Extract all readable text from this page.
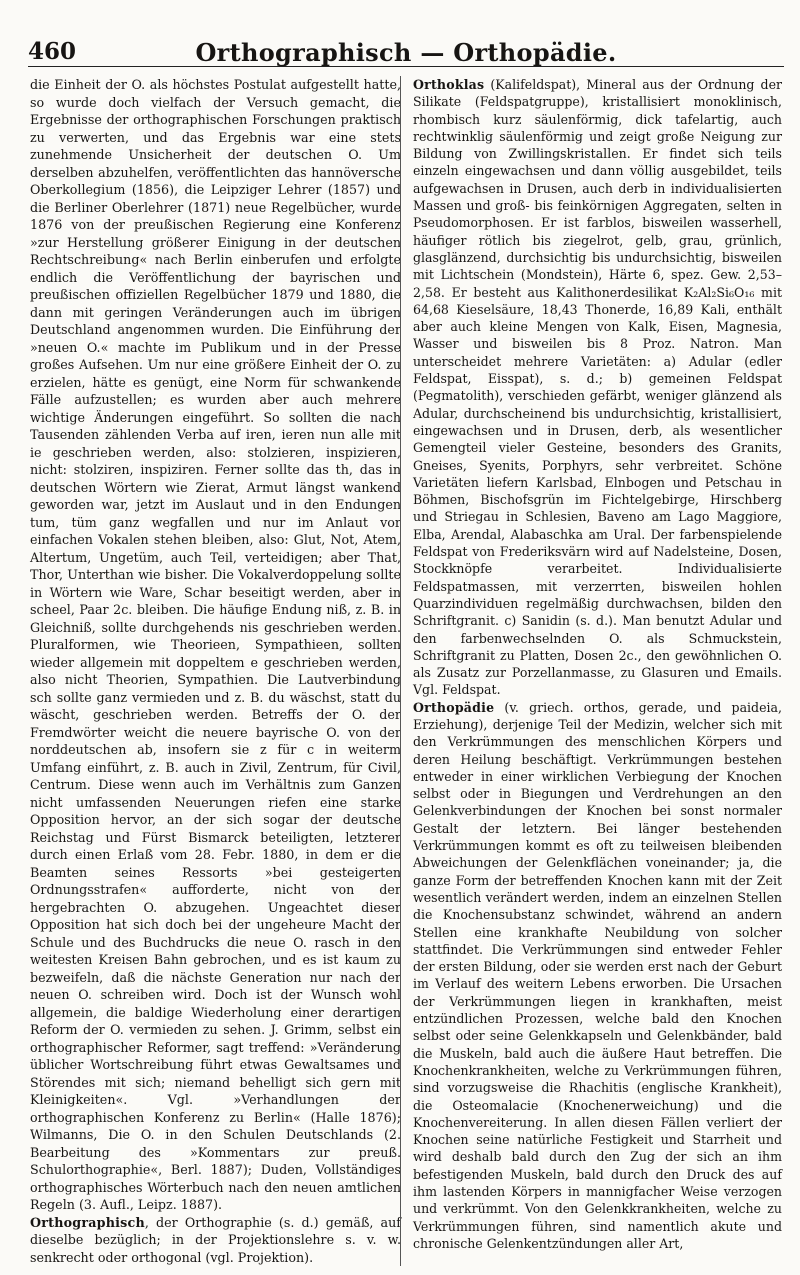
460	Orthographisch — Orthopädie.

die Einheit der O. als höchstes Postulat aufgestellt hatte, so wurde doch vielfach der Versuch gemacht, die Ergebnisse der orthographischen Forschungen praktisch zu verwerten, und das Ergebnis war eine stets zunehmende Unsicherheit der deutschen O. Um derselben abzuhelfen, veröffentlichten das hannöversche Oberkollegium (1856), die Leipziger Lehrer (1857) und die Berliner Oberlehrer (1871) neue Regelbücher, wurde 1876 von der preußischen Regierung eine Konferenz »zur Herstellung größerer Einigung in der deutschen Rechtschreibung« nach Berlin einberufen und erfolgte endlich die Veröffentlichung der bayrischen und preußischen offiziellen Regelbücher 1879 und 1880, die dann mit geringen Veränderungen auch im übrigen Deutschland angenommen wurden. Die Einführung der »neuen O.« machte im Publikum und in der Presse großes Aufsehen. Um nur eine größere Einheit der O. zu erzielen, hätte es genügt, eine Norm für schwankende Fälle aufzustellen; es wurden aber auch mehrere wichtige Änderungen eingeführt. So sollten die nach Tausenden zählenden Verba auf iren, ieren nun alle mit ie geschrieben werden, also: stolzieren, inspizieren, nicht: stolziren, inspiziren. Ferner sollte das th, das in deutschen Wörtern wie Zierat, Armut längst wankend geworden war, jetzt im Auslaut und in den Endungen tum, tüm ganz wegfallen und nur im Anlaut vor einfachen Vokalen stehen bleiben, also: Glut, Not, Atem, Altertum, Ungetüm, auch Teil, verteidigen; aber That, Thor, Unterthan wie bisher. Die Vokalverdoppelung sollte in Wörtern wie Ware, Schar beseitigt werden, aber in scheel, Paar 2c. bleiben. Die häufige Endung niß, z. B. in Gleichniß, sollte durchgehends nis geschrieben werden. Pluralformen, wie Theorieen, Sympathieen, sollten wieder allgemein mit doppeltem e geschrieben werden, also nicht Theorien, Sympathien. Die Lautverbindung sch sollte ganz vermieden und z. B. du wäschst, statt du wäscht, geschrieben werden. Betreffs der O. der Fremdwörter weicht die neuere bayrische O. von der norddeutschen ab, insofern sie z für c in weiterm Umfang einführt, z. B. auch in Zivil, Zentrum, für Civil, Centrum. Diese wenn auch im Verhältnis zum Ganzen nicht umfassenden Neuerungen riefen eine starke Opposition hervor, an der sich sogar der deutsche Reichstag und Fürst Bismarck beteiligten, letzterer durch einen Erlaß vom 28. Febr. 1880, in dem er die Beamten seines Ressorts »bei gesteigerten Ordnungsstrafen« aufforderte, nicht von der hergebrachten O. abzugehen. Ungeachtet dieser Opposition hat sich doch bei der ungeheure Macht der Schule und des Buchdrucks die neue O. rasch in den weitesten Kreisen Bahn gebrochen, und es ist kaum zu bezweifeln, daß die nächste Generation nur nach der neuen O. schreiben wird. Doch ist der Wunsch wohl allgemein, die baldige Wiederholung einer derartigen Reform der O. vermieden zu sehen. J. Grimm, selbst ein orthographischer Reformer, sagt treffend: »Veränderung üblicher Wortschreibung führt etwas Gewaltsames und Störendes mit sich; niemand behelligt sich gern mit Kleinigkeiten«. Vgl. »Verhandlungen der orthographischen Konferenz zu Berlin« (Halle 1876); Wilmanns, Die O. in den Schulen Deutschlands (2. Bearbeitung des »Kommentars zur preuß. Schulorthographie«, Berl. 1887); Duden, Vollständiges orthographisches Wörterbuch nach den neuen amtlichen Regeln (3. Aufl., Leipz. 1887).

Orthographisch, der Orthographie (s. d.) gemäß, auf dieselbe bezüglich; in der Projektionslehre s. v. w. senkrecht oder orthogonal (vgl. Projektion).

Orthoklas (Kalifeldspat), Mineral aus der Ordnung der Silikate (Feldspatgruppe), kristallisiert monoklinisch, rhombisch kurz säulenförmig, dick tafelartig, auch rechtwinklig säulenförmig und zeigt große Neigung zur Bildung von Zwillingskristallen. Er findet sich teils einzeln eingewachsen und dann völlig ausgebildet, teils aufgewachsen in Drusen, auch derb in individualisierten Massen und groß- bis feinkörnigen Aggregaten, selten in Pseudomorphosen. Er ist farblos, bisweilen wasserhell, häufiger rötlich bis ziegelrot, gelb, grau, grünlich, glasglänzend, durchsichtig bis undurchsichtig, bisweilen mit Lichtschein (Mondstein), Härte 6, spez. Gew. 2,53–2,58. Er besteht aus Kalithonerdesilikat K₂Al₂Si₆O₁₆ mit 64,68 Kieselsäure, 18,43 Thonerde, 16,89 Kali, enthält aber auch kleine Mengen von Kalk, Eisen, Magnesia, Wasser und bisweilen bis 8 Proz. Natron. Man unterscheidet mehrere Varietäten: a) Adular (edler Feldspat, Eisspat), s. d.; b) gemeinen Feldspat (Pegmatolith), verschieden gefärbt, weniger glänzend als Adular, durchscheinend bis undurchsichtig, kristallisiert, eingewachsen und in Drusen, derb, als wesentlicher Gemengteil vieler Gesteine, besonders des Granits, Gneises, Syenits, Porphyrs, sehr verbreitet. Schöne Varietäten liefern Karlsbad, Elnbogen und Petschau in Böhmen, Bischofsgrün im Fichtelgebirge, Hirschberg und Striegau in Schlesien, Baveno am Lago Maggiore, Elba, Arendal, Alabaschka am Ural. Der farbenspielende Feldspat von Frederiksvärn wird auf Nadelsteine, Dosen, Stockknöpfe verarbeitet. Individualisierte Feldspatmassen, mit verzerrten, bisweilen hohlen Quarzindividuen regelmäßig durchwachsen, bilden den Schriftgranit. c) Sanidin (s. d.). Man benutzt Adular und den farbenwechselnden O. als Schmuckstein, Schriftgranit zu Platten, Dosen 2c., den gewöhnlichen O. als Zusatz zur Porzellanmasse, zu Glasuren und Emails. Vgl. Feldspat.

Orthopädie (v. griech. orthos, gerade, und paideia, Erziehung), derjenige Teil der Medizin, welcher sich mit den Verkrümmungen des menschlichen Körpers und deren Heilung beschäftigt. Verkrümmungen bestehen entweder in einer wirklichen Verbiegung der Knochen selbst oder in Biegungen und Verdrehungen an den Gelenkverbindungen der Knochen bei sonst normaler Gestalt der letztern. Bei länger bestehenden Verkrümmungen kommt es oft zu teilweisen bleibenden Abweichungen der Gelenkflächen voneinander; ja, die ganze Form der betreffenden Knochen kann mit der Zeit wesentlich verändert werden, indem an einzelnen Stellen die Knochensubstanz schwindet, während an andern Stellen eine krankhafte Neubildung von solcher stattfindet. Die Verkrümmungen sind entweder Fehler der ersten Bildung, oder sie werden erst nach der Geburt im Verlauf des weitern Lebens erworben. Die Ursachen der Verkrümmungen liegen in krankhaften, meist entzündlichen Prozessen, welche bald den Knochen selbst oder seine Gelenkkapseln und Gelenkbänder, bald die Muskeln, bald auch die äußere Haut betreffen. Die Knochenkrankheiten, welche zu Verkrümmungen führen, sind vorzugsweise die Rhachitis (englische Krankheit), die Osteomalacie (Knochenerweichung) und die Knochenvereiterung. In allen diesen Fällen verliert der Knochen seine natürliche Festigkeit und Starrheit und wird deshalb bald durch den Zug der sich an ihm befestigenden Muskeln, bald durch den Druck des auf ihm lastenden Körpers in mannigfacher Weise verzogen und verkrümmt. Von den Gelenkkrankheiten, welche zu Verkrümmungen führen, sind namentlich akute und chronische Gelenkentzündungen aller Art,
